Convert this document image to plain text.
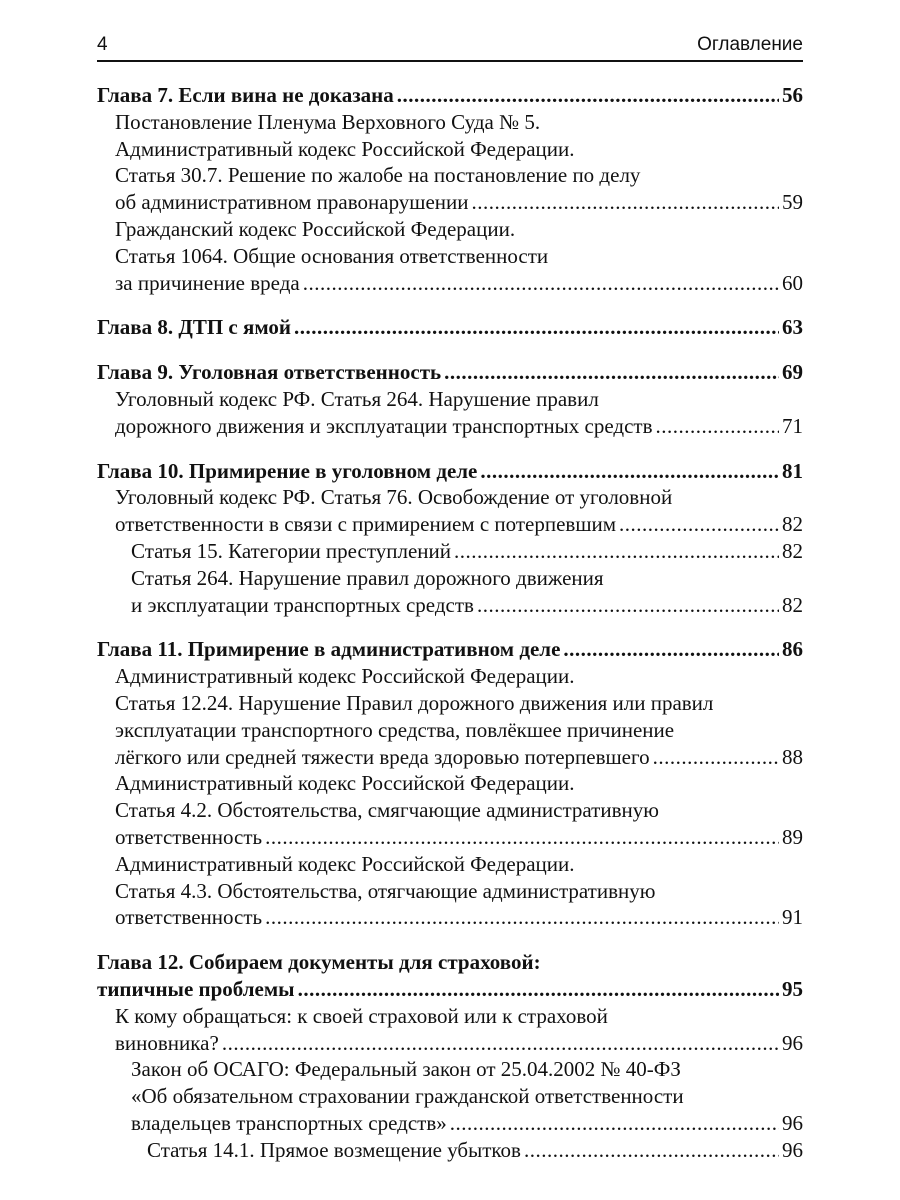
4	Оглавление
Глава 7. Если вина не доказана .....	56
Постановление Пленума Верховного Суда № 5.
Административный кодекс Российской Федерации.
Статья 30.7. Решение по жалобе на постановление по делу
об административном правонарушении .....	59
Гражданский кодекс Российской Федерации.
Статья 1064. Общие основания ответственности
за причинение вреда .....	60
Глава 8. ДТП с ямой .....	63
Глава 9. Уголовная ответственность .....	69
Уголовный кодекс РФ. Статья 264. Нарушение правил
дорожного движения и эксплуатации транспортных средств .....	71
Глава 10. Примирение в уголовном деле .....	81
Уголовный кодекс РФ. Статья 76. Освобождение от уголовной
ответственности в связи с примирением с потерпевшим .....	82
Статья 15. Категории преступлений .....	82
Статья 264. Нарушение правил дорожного движения
и эксплуатации транспортных средств .....	82
Глава 11. Примирение в административном деле .....	86
Административный кодекс Российской Федерации.
Статья 12.24. Нарушение Правил дорожного движения или правил
эксплуатации транспортного средства, повлёкшее причинение
лёгкого или средней тяжести вреда здоровью потерпевшего .....	88
Административный кодекс Российской Федерации.
Статья 4.2. Обстоятельства, смягчающие административную
ответственность .....	89
Административный кодекс Российской Федерации.
Статья 4.3. Обстоятельства, отягчающие административную
ответственность .....	91
Глава 12. Собираем документы для страховой:
типичные проблемы .....	95
К кому обращаться: к своей страховой или к страховой
виновника? .....	96
Закон об ОСАГО: Федеральный закон от 25.04.2002 № 40-ФЗ
«Об обязательном страховании гражданской ответственности
владельцев транспортных средств» .....	96
Статья 14.1. Прямое возмещение убытков .....	96
